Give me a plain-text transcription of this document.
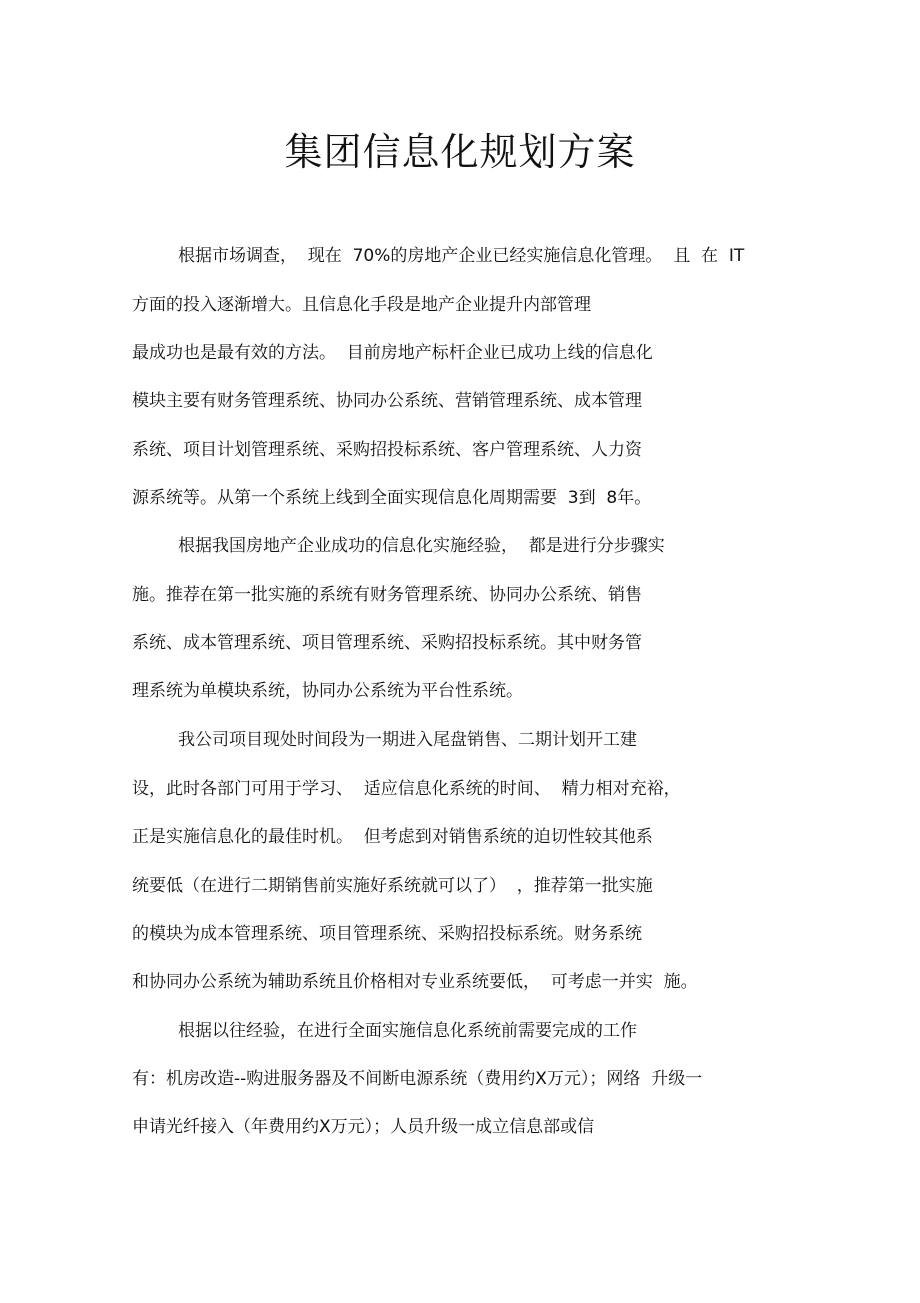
集团信息化规划方案

根据市场调查，  现在  70%的房地产企业已经实施信息化管理。  且  在  IT

方面的投入逐渐增大。且信息化手段是地产企业提升内部管理

最成功也是最有效的方法。  目前房地产标杆企业已成功上线的信息化

模块主要有财务管理系统、协同办公系统、营销管理系统、成本管理

系统、项目计划管理系统、采购招投标系统、客户管理系统、人力资

源系统等。从第一个系统上线到全面实现信息化周期需要  3到  8年。

根据我国房地产企业成功的信息化实施经验，  都是进行分步骤实

施。推荐在第一批实施的系统有财务管理系统、协同办公系统、销售

系统、成本管理系统、项目管理系统、采购招投标系统。其中财务管

理系统为单模块系统，协同办公系统为平台性系统。

我公司项目现处时间段为一期进入尾盘销售、二期计划开工建

设，此时各部门可用于学习、  适应信息化系统的时间、  精力相对充裕，

正是实施信息化的最佳时机。  但考虑到对销售系统的迫切性较其他系

统要低（在进行二期销售前实施好系统就可以了）  ，推荐第一批实施

的模块为成本管理系统、项目管理系统、采购招投标系统。财务系统

和协同办公系统为辅助系统且价格相对专业系统要低，  可考虑一并实  施。

根据以往经验，在进行全面实施信息化系统前需要完成的工作

有：机房改造--购进服务器及不间断电源系统（费用约X万元）；网络  升级一

申请光纤接入（年费用约X万元）；人员升级一成立信息部或信
